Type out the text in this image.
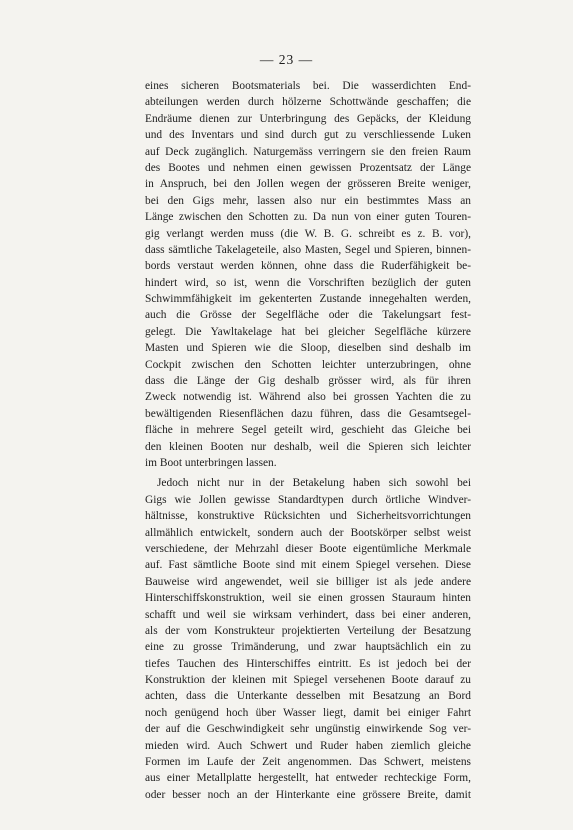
— 23 —
eines sicheren Bootsmaterials bei. Die wasserdichten End-
abteilungen werden durch hölzerne Schottwände geschaffen; die
Endräume dienen zur Unterbringung des Gepäcks, der Kleidung
und des Inventars und sind durch gut zu verschliessende Luken
auf Deck zugänglich. Naturgemäss verringern sie den freien Raum
des Bootes und nehmen einen gewissen Prozentsatz der Länge
in Anspruch, bei den Jollen wegen der grösseren Breite weniger,
bei den Gigs mehr, lassen also nur ein bestimmtes Mass an
Länge zwischen den Schotten zu. Da nun von einer guten Touren-
gig verlangt werden muss (die W. B. G. schreibt es z. B. vor),
dass sämtliche Takelageteile, also Masten, Segel und Spieren, binnen-
bords verstaut werden können, ohne dass die Ruderfähigkeit be-
hindert wird, so ist, wenn die Vorschriften bezüglich der guten
Schwimmfähigkeit im gekenterten Zustande innegehalten werden,
auch die Grösse der Segelfläche oder die Takelungsart fest-
gelegt. Die Yawltakelage hat bei gleicher Segelfläche kürzere
Masten und Spieren wie die Sloop, dieselben sind deshalb im
Cockpit zwischen den Schotten leichter unterzubringen, ohne
dass die Länge der Gig deshalb grösser wird, als für ihren
Zweck notwendig ist. Während also bei grossen Yachten die zu
bewältigenden Riesenflächen dazu führen, dass die Gesamtsegel-
fläche in mehrere Segel geteilt wird, geschieht das Gleiche bei
den kleinen Booten nur deshalb, weil die Spieren sich leichter
im Boot unterbringen lassen.
Jedoch nicht nur in der Betakelung haben sich sowohl bei
Gigs wie Jollen gewisse Standardtypen durch örtliche Windver-
hältnisse, konstruktive Rücksichten und Sicherheitsvorrichtungen
allmählich entwickelt, sondern auch der Bootskörper selbst weist
verschiedene, der Mehrzahl dieser Boote eigentümliche Merkmale
auf. Fast sämtliche Boote sind mit einem Spiegel versehen. Diese
Bauweise wird angewendet, weil sie billiger ist als jede andere
Hinterschiffskonstruktion, weil sie einen grossen Stauraum hinten
schafft und weil sie wirksam verhindert, dass bei einer anderen,
als der vom Konstrukteur projektierten Verteilung der Besatzung
eine zu grosse Trimänderung, und zwar hauptsächlich ein zu
tiefes Tauchen des Hinterschiffes eintritt. Es ist jedoch bei der
Konstruktion der kleinen mit Spiegel versehenen Boote darauf zu
achten, dass die Unterkante desselben mit Besatzung an Bord
noch genügend hoch über Wasser liegt, damit bei einiger Fahrt
der auf die Geschwindigkeit sehr ungünstig einwirkende Sog ver-
mieden wird. Auch Schwert und Ruder haben ziemlich gleiche
Formen im Laufe der Zeit angenommen. Das Schwert, meistens
aus einer Metallplatte hergestellt, hat entweder rechteckige Form,
oder besser noch an der Hinterkante eine grössere Breite, damit
